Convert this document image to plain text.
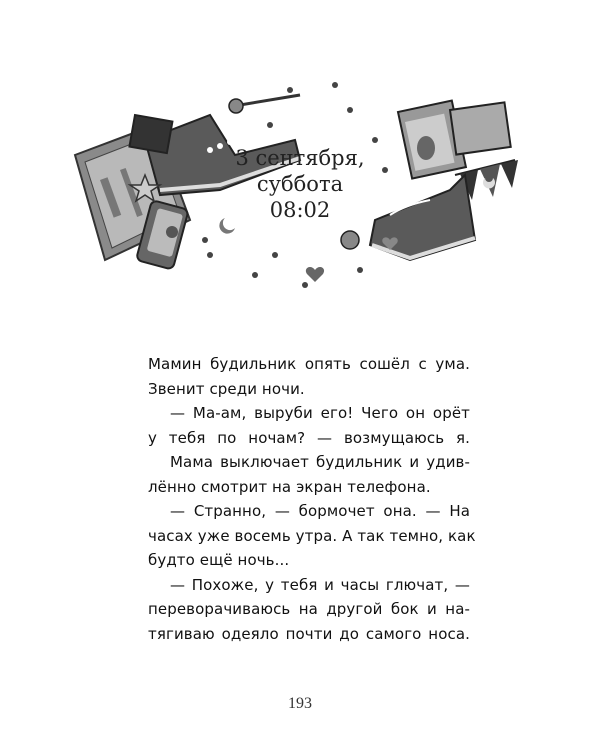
3 сентября,
суббота
08:02
Мамин будильник опять сошёл с ума.
Звенит среди ночи.
— Ма-ам, выруби его! Чего он орёт
у тебя по ночам? — возмущаюсь я.
Мама выключает будильник и удив-
лённо смотрит на экран телефона.
— Странно, — бормочет она. — На
часах уже восемь утра. А так темно, как
будто ещё ночь...
— Похоже, у тебя и часы глючат, —
переворачиваюсь на другой бок и на-
тягиваю одеяло почти до самого носа.
193
